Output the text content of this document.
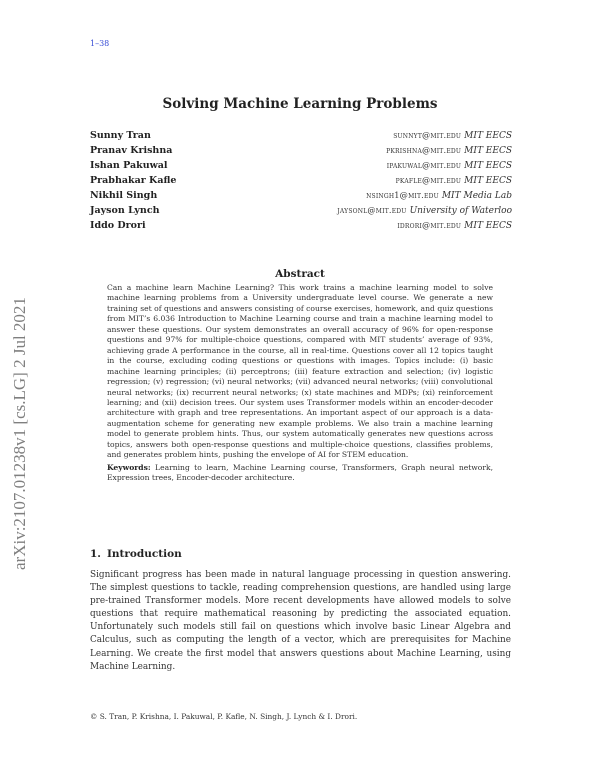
1–38
arXiv:2107.01238v1 [cs.LG] 2 Jul 2021
Solving Machine Learning Problems
Sunny Tran	sunnyt@mit.edu MIT EECS
Pranav Krishna	pkrishna@mit.edu MIT EECS
Ishan Pakuwal	ipakuwal@mit.edu MIT EECS
Prabhakar Kafle	pkafle@mit.edu MIT EECS
Nikhil Singh	nsingh1@mit.edu MIT Media Lab
Jayson Lynch	jaysonl@mit.edu University of Waterloo
Iddo Drori	idrori@mit.edu MIT EECS
Abstract

Can a machine learn Machine Learning? This work trains a machine learning model to solve machine learning problems from a University undergraduate level course. We generate a new training set of questions and answers consisting of course exercises, homework, and quiz questions from MIT’s 6.036 Introduction to Machine Learning course and train a machine learning model to answer these questions. Our system demonstrates an overall accuracy of 96% for open-response questions and 97% for multiple-choice questions, compared with MIT students’ average of 93%, achieving grade A performance in the course, all in real-time. Questions cover all 12 topics taught in the course, excluding coding questions or questions with images. Topics include: (i) basic machine learning principles; (ii) perceptrons; (iii) feature extraction and selection; (iv) logistic regression; (v) regression; (vi) neural networks; (vii) advanced neural networks; (viii) convolutional neural networks; (ix) recurrent neural networks; (x) state machines and MDPs; (xi) reinforcement learning; and (xii) decision trees. Our system uses Transformer models within an encoder-decoder architecture with graph and tree representations. An important aspect of our approach is a data-augmentation scheme for generating new example problems. We also train a machine learning model to generate problem hints. Thus, our system automatically generates new questions across topics, answers both open-response questions and multiple-choice questions, classifies problems, and generates problem hints, pushing the envelope of AI for STEM education.

Keywords: Learning to learn, Machine Learning course, Transformers, Graph neural network, Expression trees, Encoder-decoder architecture.

1. Introduction

Significant progress has been made in natural language processing in question answering. The simplest questions to tackle, reading comprehension questions, are handled using large pre-trained Transformer models. More recent developments have allowed models to solve questions that require mathematical reasoning by predicting the associated equation. Unfortunately such models still fail on questions which involve basic Linear Algebra and Calculus, such as computing the length of a vector, which are prerequisites for Machine Learning. We create the first model that answers questions about Machine Learning, using Machine Learning.

© S. Tran, P. Krishna, I. Pakuwal, P. Kafle, N. Singh, J. Lynch & I. Drori.
